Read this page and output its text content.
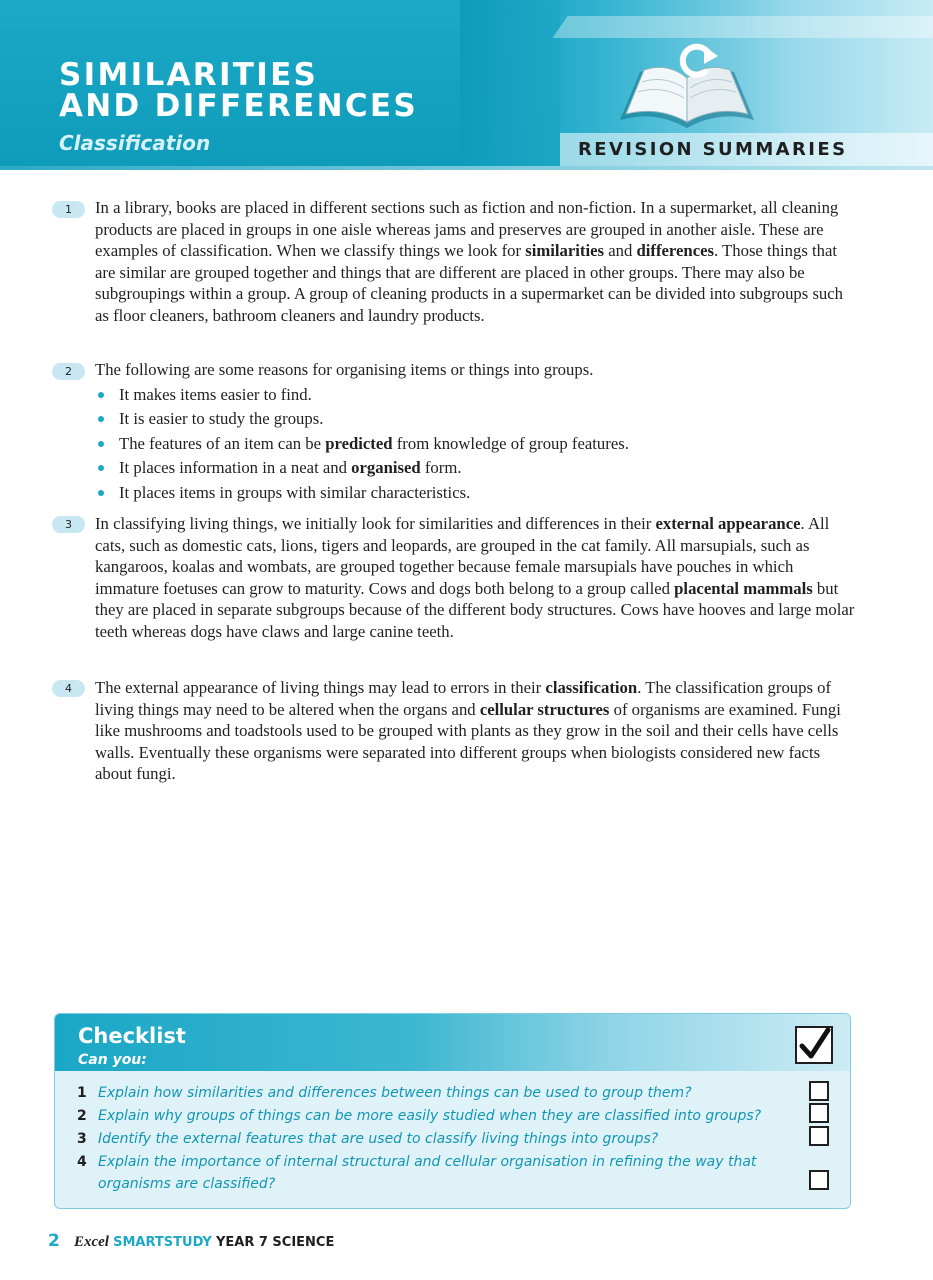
SIMILARITIES
AND DIFFERENCES
Classification	REVISION SUMMARIES
1	In a library, books are placed in different sections such as fiction and non-fiction. In a supermarket, all cleaning products are placed in groups in one aisle whereas jams and preserves are grouped in another aisle. These are examples of classification. When we classify things we look for similarities and differences. Those things that are similar are grouped together and things that are different are placed in other groups. There may also be subgroupings within a group. A group of cleaning products in a supermarket can be divided into subgroups such as floor cleaners, bathroom cleaners and laundry products.
2	The following are some reasons for organising items or things into groups.
It makes items easier to find.
It is easier to study the groups.
The features of an item can be predicted from knowledge of group features.
It places information in a neat and organised form.
It places items in groups with similar characteristics.
3	In classifying living things, we initially look for similarities and differences in their external appearance. All cats, such as domestic cats, lions, tigers and leopards, are grouped in the cat family. All marsupials, such as kangaroos, koalas and wombats, are grouped together because female marsupials have pouches in which immature foetuses can grow to maturity. Cows and dogs both belong to a group called placental mammals but they are placed in separate subgroups because of the different body structures. Cows have hooves and large molar teeth whereas dogs have claws and large canine teeth.
4	The external appearance of living things may lead to errors in their classification. The classification groups of living things may need to be altered when the organs and cellular structures of organisms are examined. Fungi like mushrooms and toadstools used to be grouped with plants as they grow in the soil and their cells have cells walls. Eventually these organisms were separated into different groups when biologists considered new facts about fungi.
Checklist
Can you:
1 Explain how similarities and differences between things can be used to group them?
2 Explain why groups of things can be more easily studied when they are classified into groups?
3 Identify the external features that are used to classify living things into groups?
4 Explain the importance of internal structural and cellular organisation in refining the way that organisms are classified?
2 Excel SMARTSTUDY YEAR 7 SCIENCE
